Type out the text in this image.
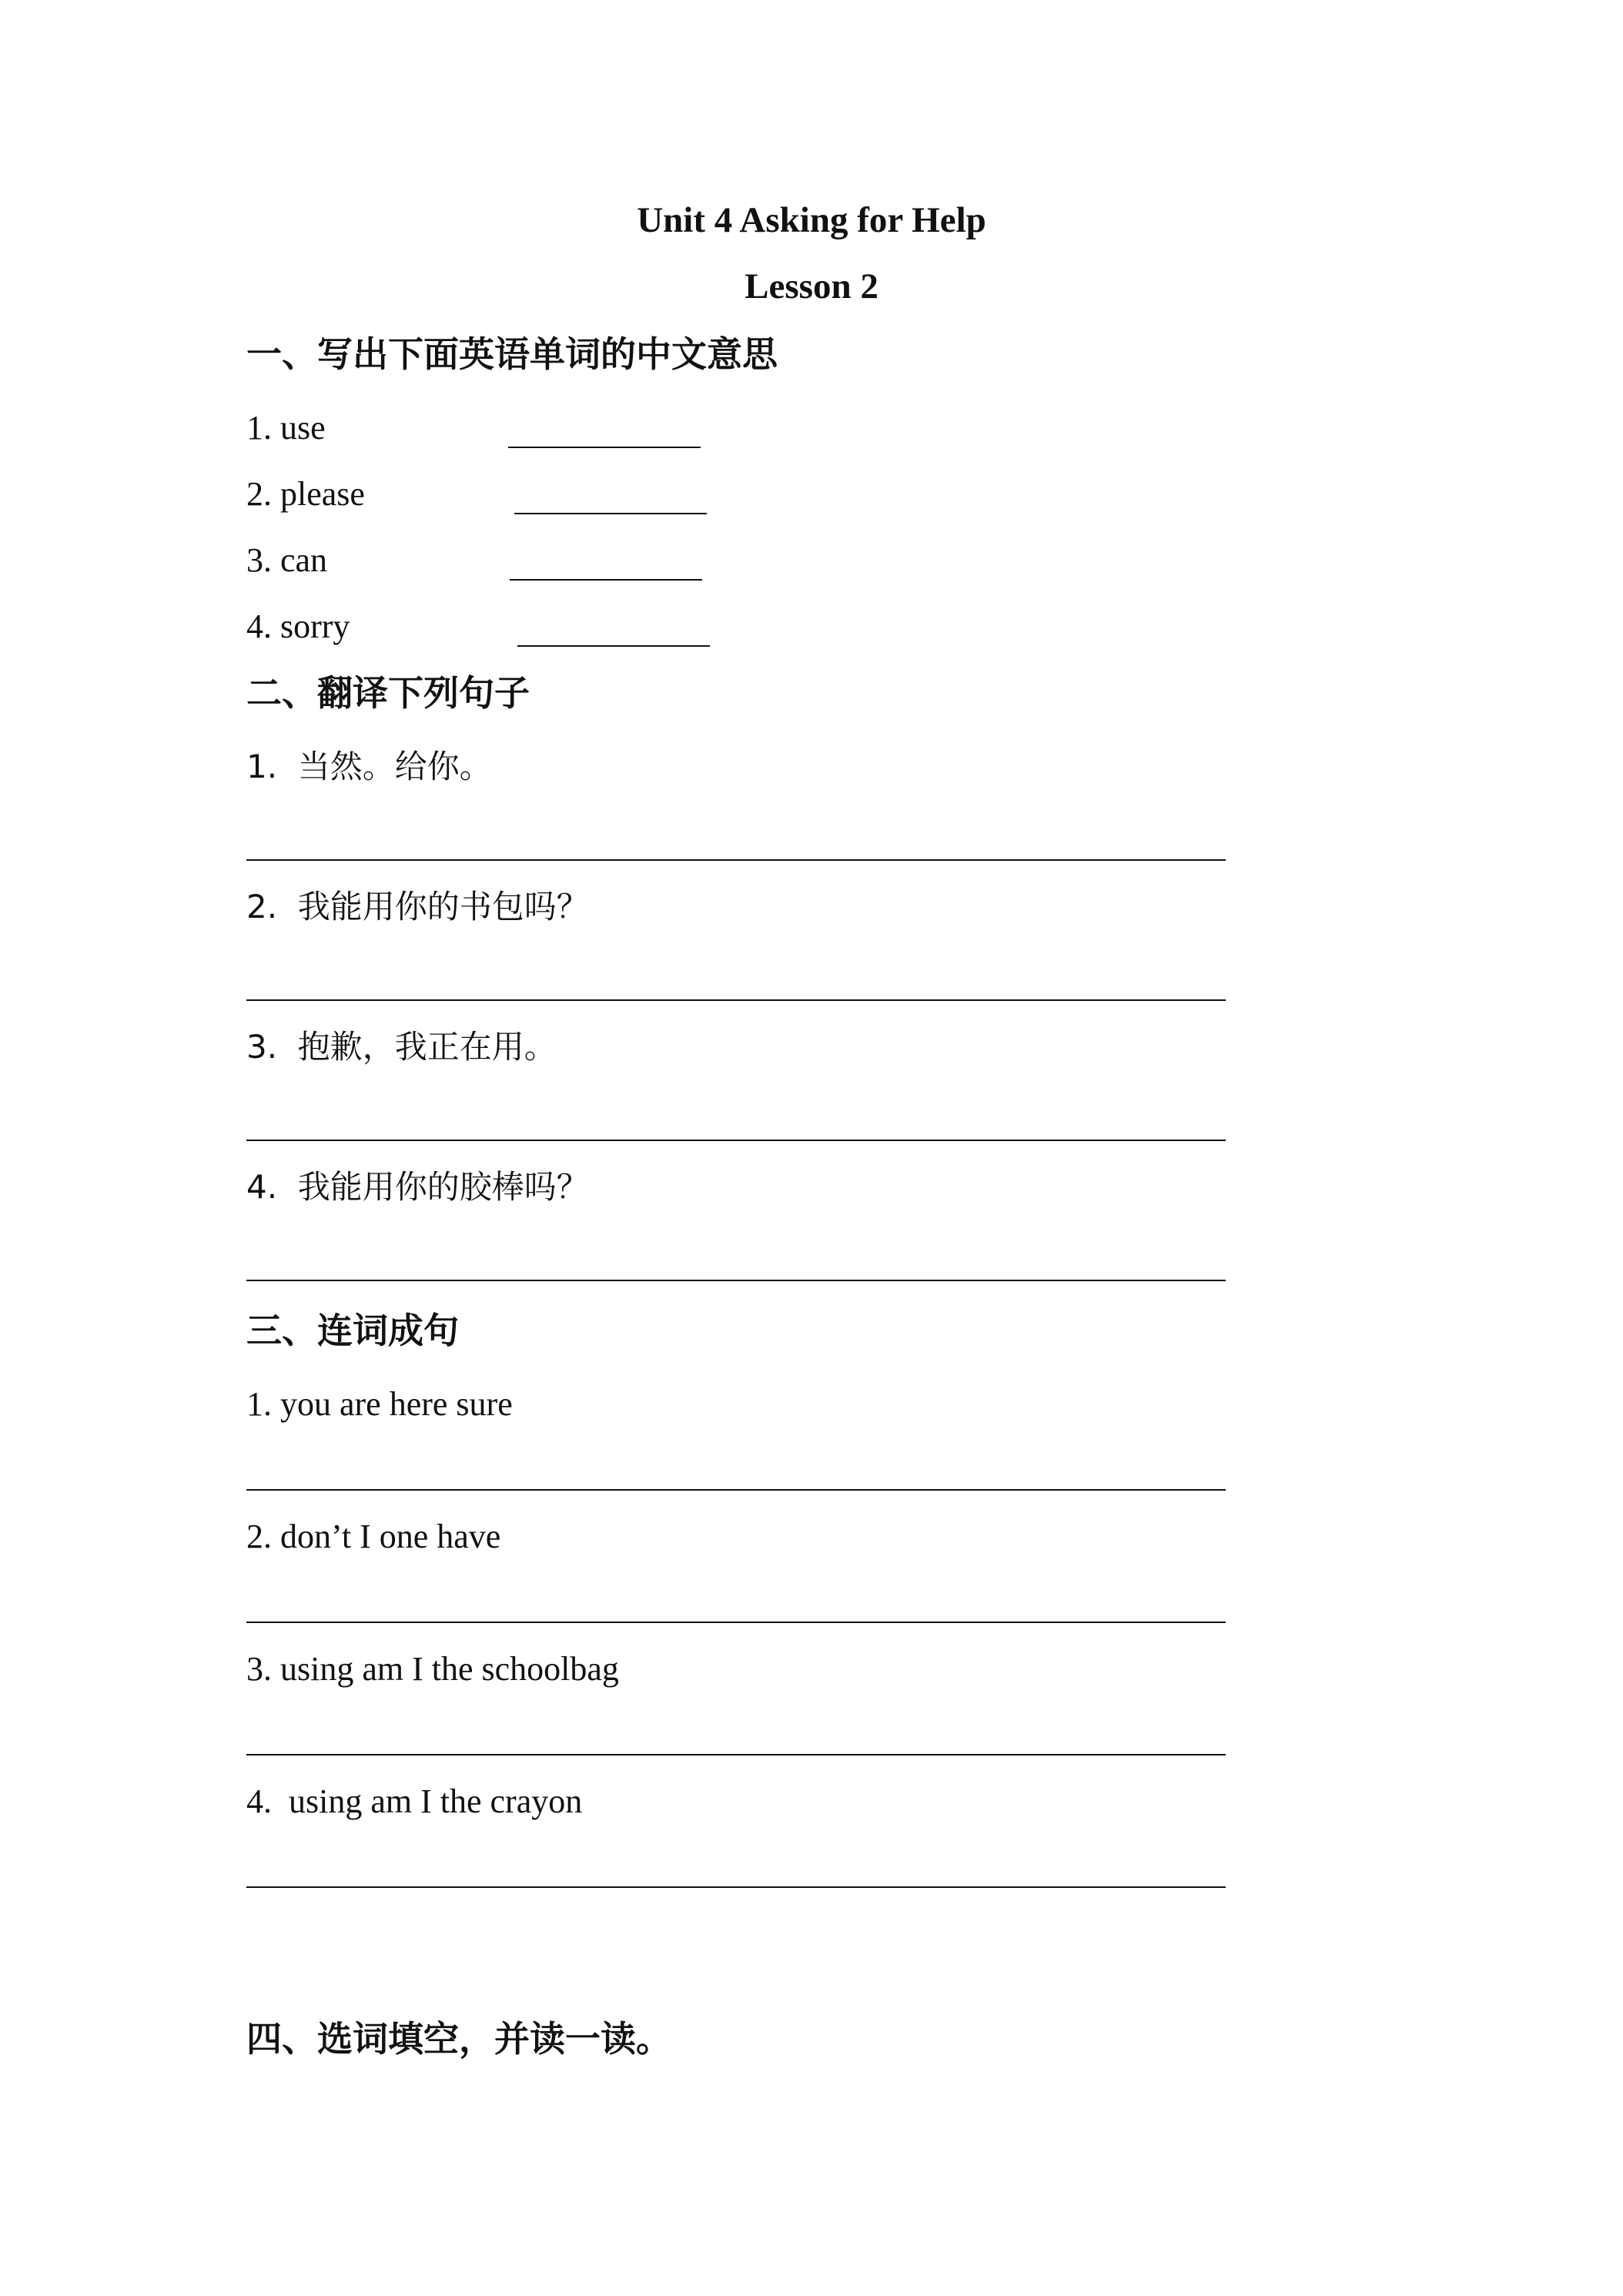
Unit 4 Asking for Help
Lesson 2
一、写出下面英语单词的中文意思
1. use
2. please
3. can
4. sorry
二、翻译下列句子
1.  当然。给你。
2.  我能用你的书包吗？
3.  抱歉，我正在用。
4.  我能用你的胶棒吗？
三、连词成句
1. you are here sure
2. don’t I one have
3. using am I the schoolbag
4.  using am I the crayon
四、选词填空，并读一读。
